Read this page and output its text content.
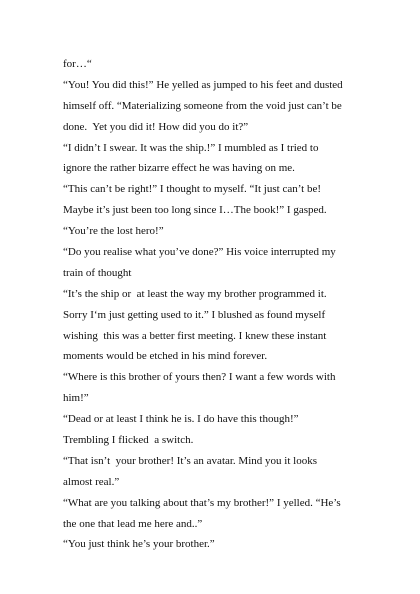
for…“
“You! You did this!” He yelled as jumped to his feet and dusted
himself off. “Materializing someone from the void just can’t be
done.  Yet you did it! How did you do it?”
“I didn’t I swear. It was the ship.!” I mumbled as I tried to
ignore the rather bizarre effect he was having on me.
“This can’t be right!” I thought to myself. “It just can’t be!
Maybe it’s just been too long since I…The book!” I gasped.
“You’re the lost hero!”
“Do you realise what you’ve done?” His voice interrupted my
train of thought
“It’s the ship or  at least the way my brother programmed it.
Sorry I‘m just getting used to it.” I blushed as found myself
wishing  this was a better first meeting. I knew these instant
moments would be etched in his mind forever.
“Where is this brother of yours then? I want a few words with
him!”
“Dead or at least I think he is. I do have this though!”
Trembling I flicked  a switch.
“That isn’t  your brother! It’s an avatar. Mind you it looks
almost real.”
“What are you talking about that’s my brother!” I yelled. “He’s
the one that lead me here and..”
“You just think he’s your brother.”
